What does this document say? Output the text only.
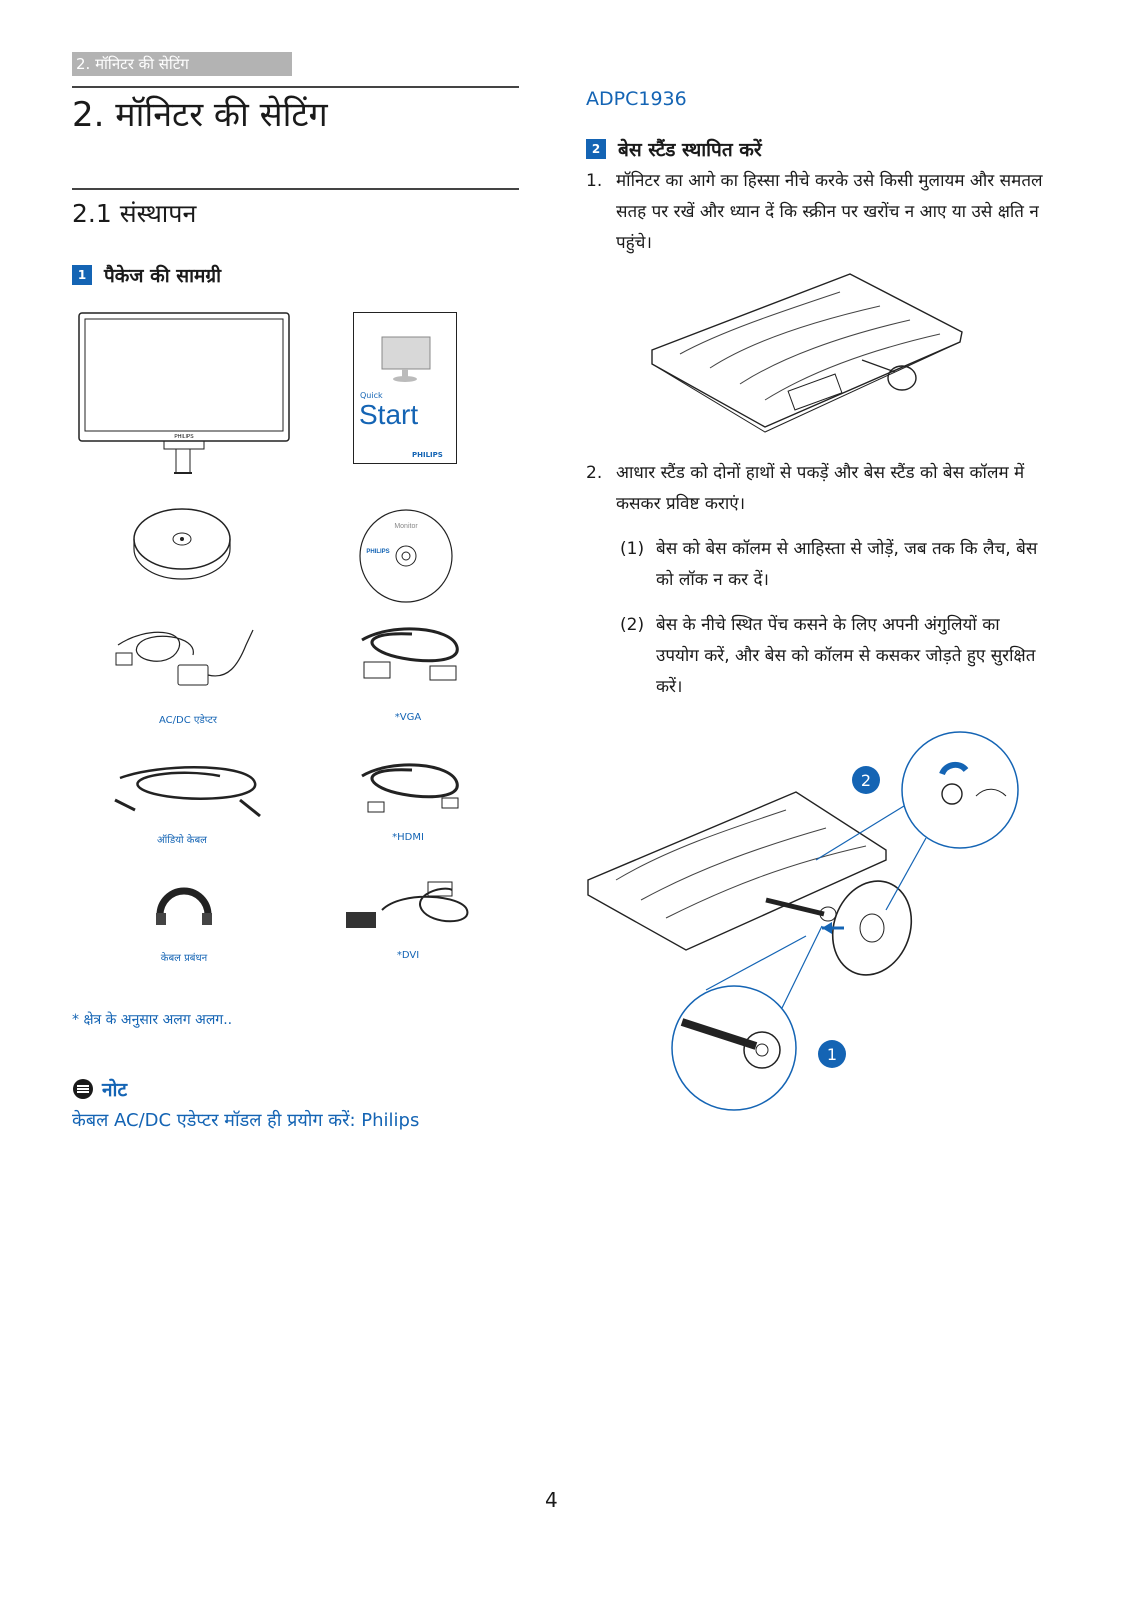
2. मॉनिटर की सेटिंग
2. मॉनिटर की सेटिंग
2.1 संस्थापन
1 पैकेज की सामग्री
PHILIPS
Quick
Start
PHILIPS
Monitor
PHILIPS
AC/DC एडेप्टर	*VGA
ऑडियो केबल	*HDMI
केबल प्रबंधन	*DVI
* क्षेत्र के अनुसार अलग अलग..
नोट
केबल AC/DC एडेप्टर मॉडल ही प्रयोग करें: Philips
ADPC1936
2 बेस स्टैंड स्थापित करें
1. मॉनिटर का आगे का हिस्सा नीचे करके उसे किसी मुलायम और समतल सतह पर रखें और ध्यान दें कि स्क्रीन पर खरोंच न आए या उसे क्षति न पहुंचे।
2. आधार स्टैंड को दोनों हाथों से पकड़ें और बेस स्टैंड को बेस कॉलम में कसकर प्रविष्ट कराएं।
(1) बेस को बेस कॉलम से आहिस्ता से जोड़ें, जब तक कि लैच, बेस को लॉक न कर दें।
(2) बेस के नीचे स्थित पेंच कसने के लिए अपनी अंगुलियों का उपयोग करें, और बेस को कॉलम से कसकर जोड़ते हुए सुरक्षित करें।
2
1
4
